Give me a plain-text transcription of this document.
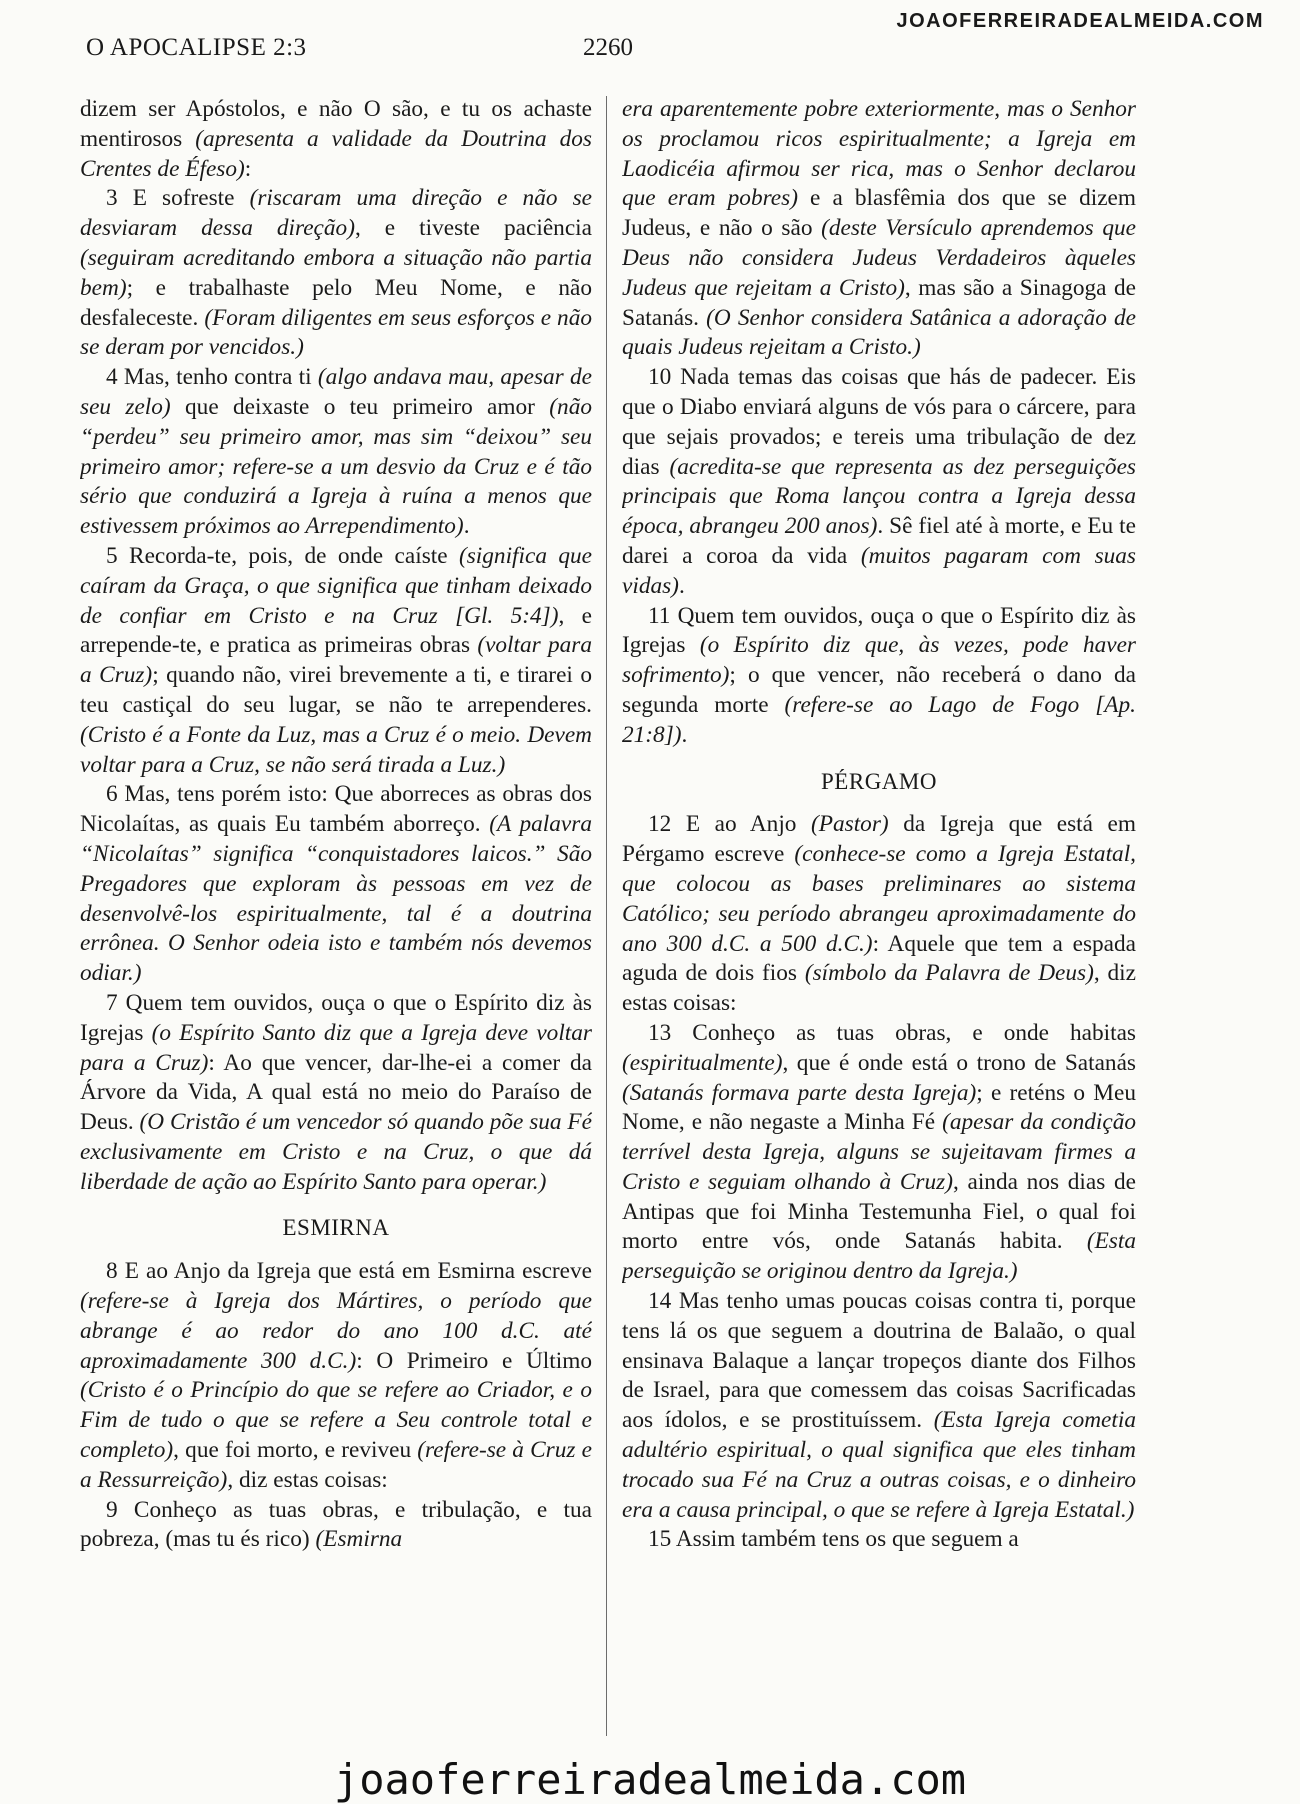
O APOCALIPSE 2:3	2260
JOAOFERREIRADEALMEIDA.COM

dizem ser Apóstolos, e não O são, e tu os achaste mentirosos (apresenta a validade da Doutrina dos Crentes de Éfeso):

3 E sofreste (riscaram uma direção e não se desviaram dessa direção), e tiveste paciência (seguiram acreditando embora a situação não partia bem); e trabalhaste pelo Meu Nome, e não desfaleceste. (Foram diligentes em seus esforços e não se deram por vencidos.)

4 Mas, tenho contra ti (algo andava mau, apesar de seu zelo) que deixaste o teu primeiro amor (não “perdeu” seu primeiro amor, mas sim “deixou” seu primeiro amor; refere-se a um desvio da Cruz e é tão sério que conduzirá a Igreja à ruína a menos que estivessem próximos ao Arrependimento).

5 Recorda-te, pois, de onde caíste (significa que caíram da Graça, o que significa que tinham deixado de confiar em Cristo e na Cruz [Gl. 5:4]), e arrepende-te, e pratica as primeiras obras (voltar para a Cruz); quando não, virei brevemente a ti, e tirarei o teu castiçal do seu lugar, se não te arrependeres. (Cristo é a Fonte da Luz, mas a Cruz é o meio. Devem voltar para a Cruz, se não será tirada a Luz.)

6 Mas, tens porém isto: Que aborreces as obras dos Nicolaítas, as quais Eu também aborreço. (A palavra “Nicolaítas” significa “conquistadores laicos.” São Pregadores que exploram às pessoas em vez de desenvolvê-los espiritualmente, tal é a doutrina errônea. O Senhor odeia isto e também nós devemos odiar.)

7 Quem tem ouvidos, ouça o que o Espírito diz às Igrejas (o Espírito Santo diz que a Igreja deve voltar para a Cruz): Ao que vencer, dar-lhe-ei a comer da Árvore da Vida, A qual está no meio do Paraíso de Deus. (O Cristão é um vencedor só quando põe sua Fé exclusivamente em Cristo e na Cruz, o que dá liberdade de ação ao Espírito Santo para operar.)

ESMIRNA

8 E ao Anjo da Igreja que está em Esmirna escreve (refere-se à Igreja dos Mártires, o período que abrange é ao redor do ano 100 d.C. até aproximadamente 300 d.C.): O Primeiro e Último (Cristo é o Princípio do que se refere ao Criador, e o Fim de tudo o que se refere a Seu controle total e completo), que foi morto, e reviveu (refere-se à Cruz e a Ressurreição), diz estas coisas:

9 Conheço as tuas obras, e tribulação, e tua pobreza, (mas tu és rico) (Esmirna

era aparentemente pobre exteriormente, mas o Senhor os proclamou ricos espiritualmente; a Igreja em Laodicéia afirmou ser rica, mas o Senhor declarou que eram pobres) e a blasfêmia dos que se dizem Judeus, e não o são (deste Versículo aprendemos que Deus não considera Judeus Verdadeiros àqueles Judeus que rejeitam a Cristo), mas são a Sinagoga de Satanás. (O Senhor considera Satânica a adoração de quais Judeus rejeitam a Cristo.)

10 Nada temas das coisas que hás de padecer. Eis que o Diabo enviará alguns de vós para o cárcere, para que sejais provados; e tereis uma tribulação de dez dias (acredita-se que representa as dez perseguições principais que Roma lançou contra a Igreja dessa época, abrangeu 200 anos). Sê fiel até à morte, e Eu te darei a coroa da vida (muitos pagaram com suas vidas).

11 Quem tem ouvidos, ouça o que o Espírito diz às Igrejas (o Espírito diz que, às vezes, pode haver sofrimento); o que vencer, não receberá o dano da segunda morte (refere-se ao Lago de Fogo [Ap. 21:8]).

PÉRGAMO

12 E ao Anjo (Pastor) da Igreja que está em Pérgamo escreve (conhece-se como a Igreja Estatal, que colocou as bases preliminares ao sistema Católico; seu período abrangeu aproximadamente do ano 300 d.C. a 500 d.C.): Aquele que tem a espada aguda de dois fios (símbolo da Palavra de Deus), diz estas coisas:

13 Conheço as tuas obras, e onde habitas (espiritualmente), que é onde está o trono de Satanás (Satanás formava parte desta Igreja); e reténs o Meu Nome, e não negaste a Minha Fé (apesar da condição terrível desta Igreja, alguns se sujeitavam firmes a Cristo e seguiam olhando à Cruz), ainda nos dias de Antipas que foi Minha Testemunha Fiel, o qual foi morto entre vós, onde Satanás habita. (Esta perseguição se originou dentro da Igreja.)

14 Mas tenho umas poucas coisas contra ti, porque tens lá os que seguem a doutrina de Balaão, o qual ensinava Balaque a lançar tropeços diante dos Filhos de Israel, para que comessem das coisas Sacrificadas aos ídolos, e se prostituíssem. (Esta Igreja cometia adultério espiritual, o qual significa que eles tinham trocado sua Fé na Cruz a outras coisas, e o dinheiro era a causa principal, o que se refere à Igreja Estatal.)

15 Assim também tens os que seguem a

joaoferreiradealmeida.com
